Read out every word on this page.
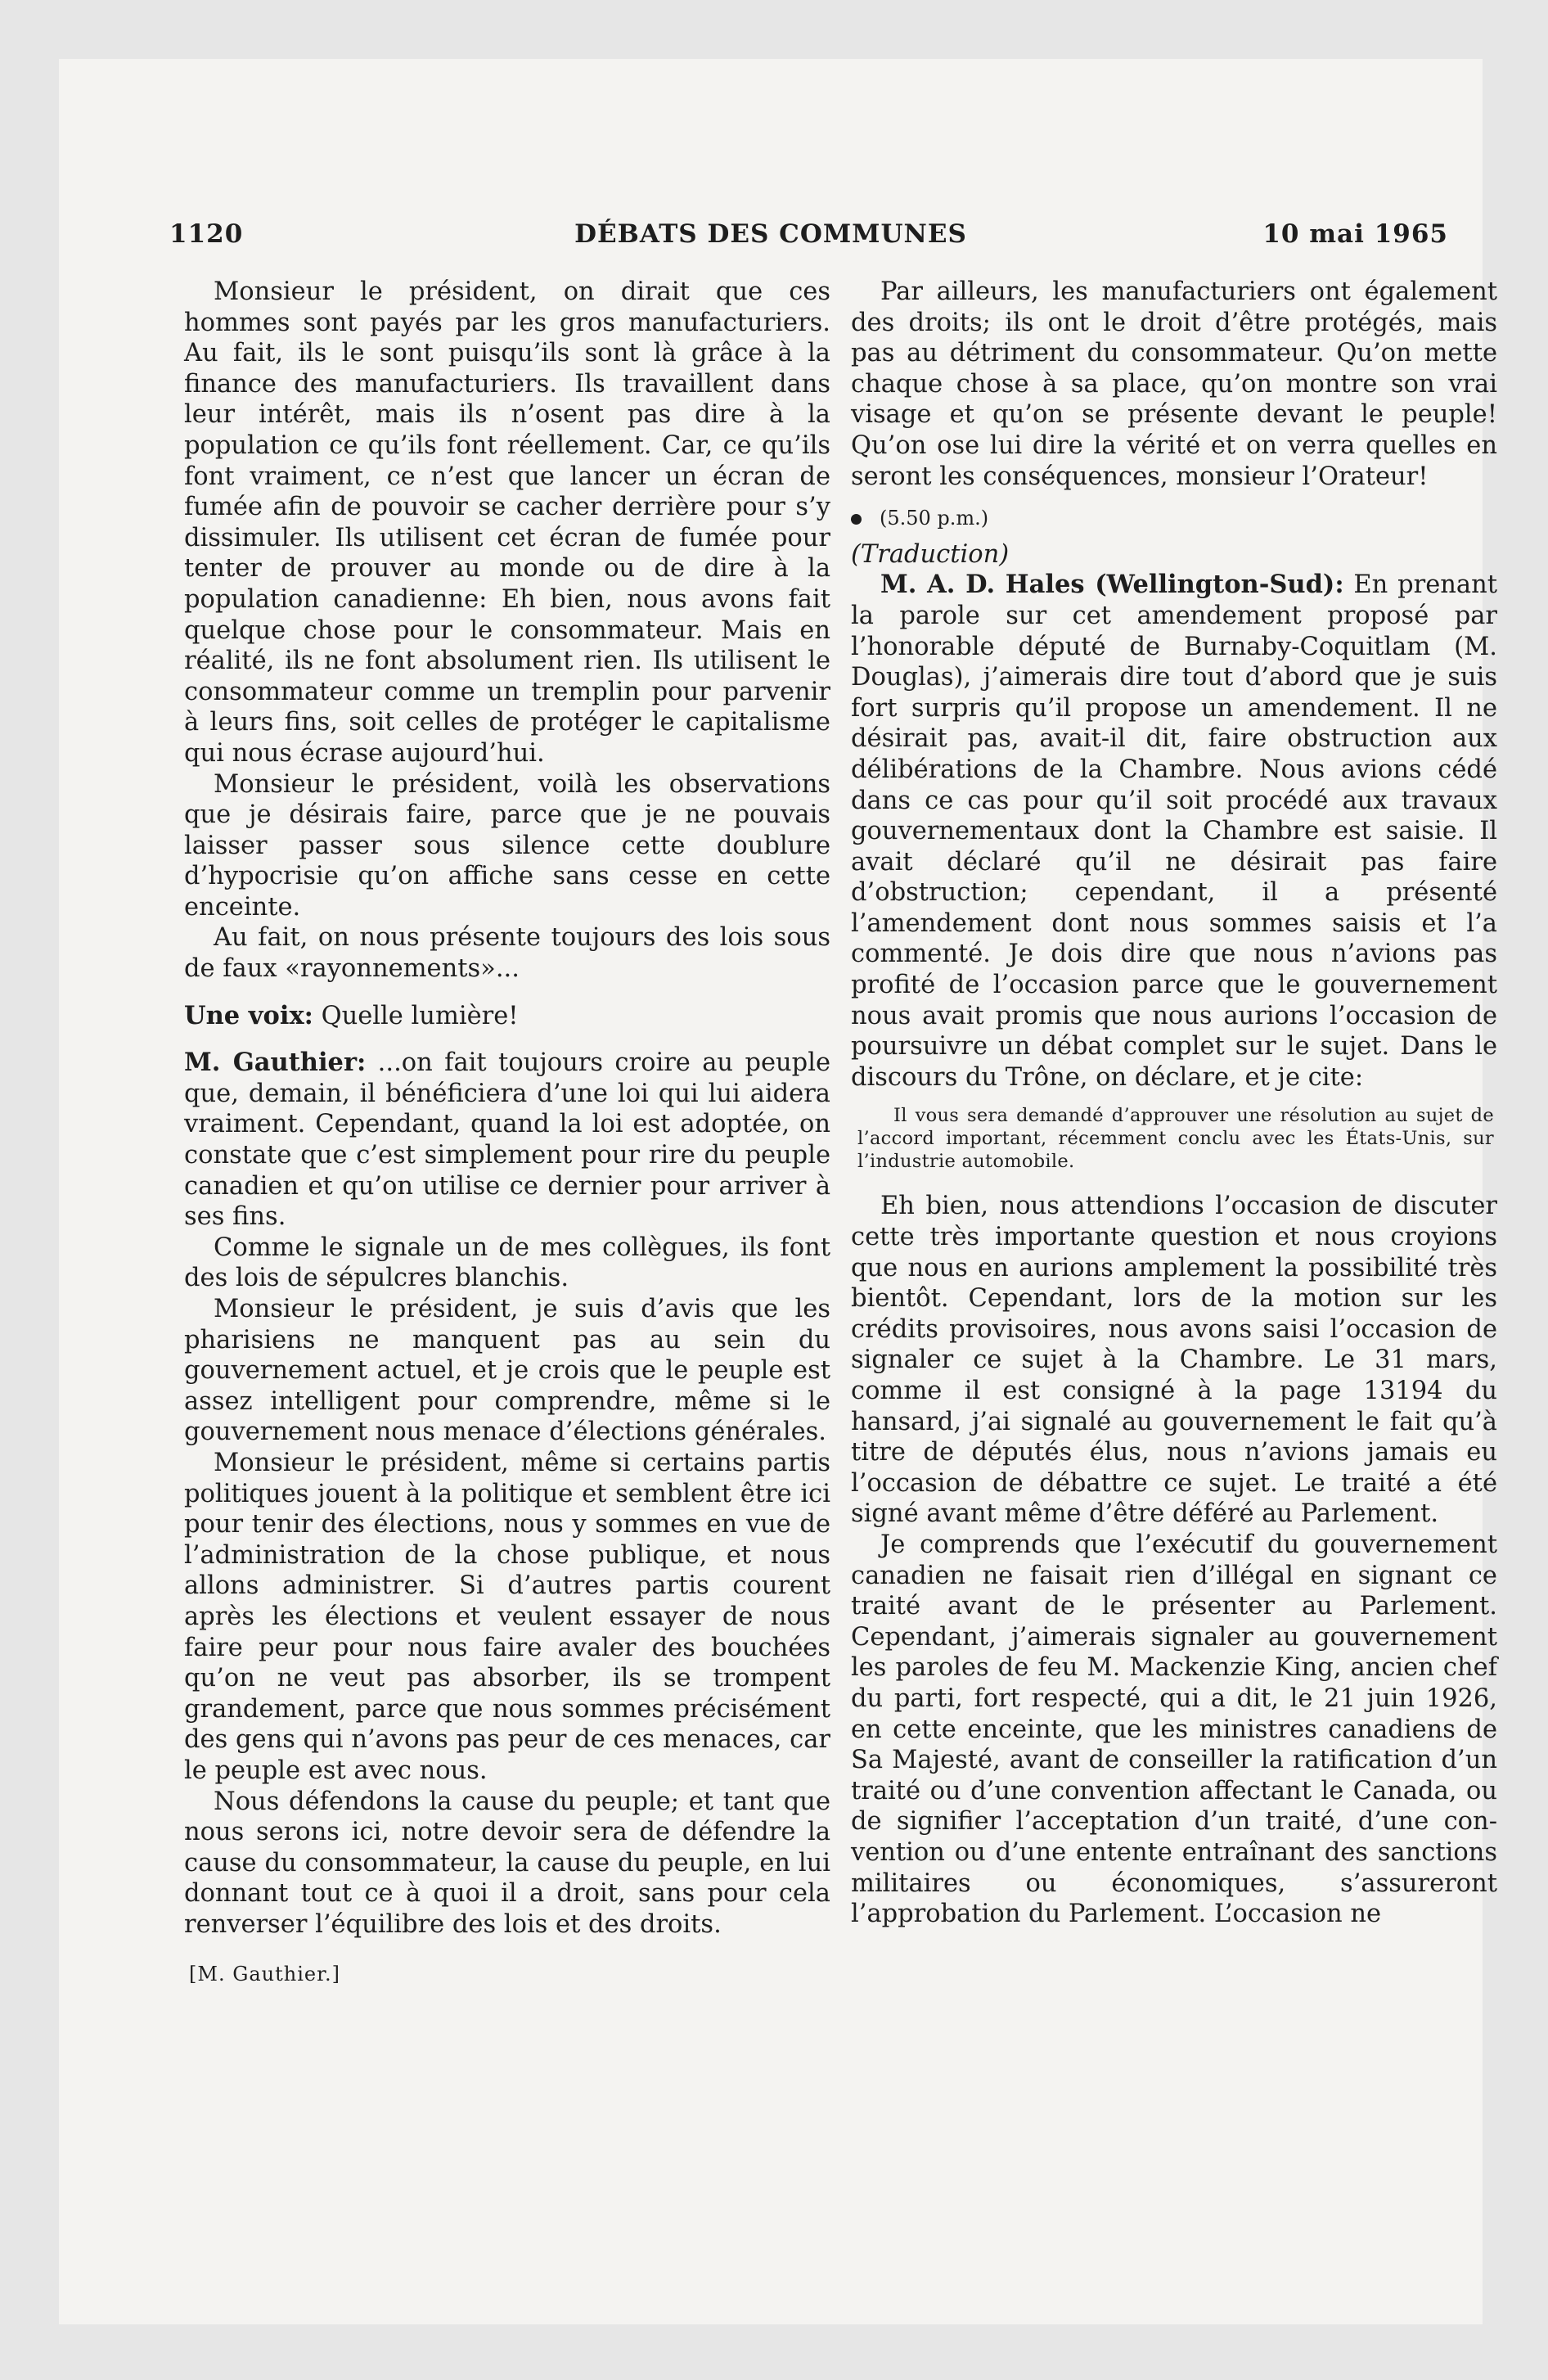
1120	DÉBATS DES COMMUNES	10 mai 1965

Monsieur le président, on dirait que ces hommes sont payés par les gros manufacturiers. Au fait, ils le sont puisqu’ils sont là grâce à la finance des manufacturiers. Ils travaillent dans leur intérêt, mais ils n’osent pas dire à la population ce qu’ils font réellement. Car, ce qu’ils font vraiment, ce n’est que lancer un écran de fumée afin de pouvoir se cacher derrière pour s’y dissimuler. Ils utilisent cet écran de fumée pour tenter de prouver au monde ou de dire à la population canadienne: Eh bien, nous avons fait quelque chose pour le consommateur. Mais en réalité, ils ne font absolument rien. Ils utilisent le consommateur comme un tremplin pour parvenir à leurs fins, soit celles de protéger le capitalisme qui nous écrase aujourd’hui.

Monsieur le président, voilà les observations que je désirais faire, parce que je ne pouvais laisser passer sous silence cette doublure d’hypocrisie qu’on affiche sans cesse en cette enceinte.

Au fait, on nous présente toujours des lois sous de faux «rayonnements»...

Une voix: Quelle lumière!

M. Gauthier: ...on fait toujours croire au peuple que, demain, il bénéficiera d’une loi qui lui aidera vraiment. Cependant, quand la loi est adoptée, on constate que c’est simplement pour rire du peuple canadien et qu’on utilise ce dernier pour arriver à ses fins.

Comme le signale un de mes collègues, ils font des lois de sépulcres blanchis.

Monsieur le président, je suis d’avis que les pharisiens ne manquent pas au sein du gouvernement actuel, et je crois que le peuple est assez intelligent pour comprendre, même si le gouvernement nous menace d’élections générales.

Monsieur le président, même si certains partis politiques jouent à la politique et semblent être ici pour tenir des élections, nous y sommes en vue de l’administration de la chose publique, et nous allons administrer. Si d’autres partis courent après les élections et veulent essayer de nous faire peur pour nous faire avaler des bouchées qu’on ne veut pas absorber, ils se trompent grandement, parce que nous sommes précisément des gens qui n’avons pas peur de ces menaces, car le peuple est avec nous.

Nous défendons la cause du peuple; et tant que nous serons ici, notre devoir sera de défendre la cause du consommateur, la cause du peuple, en lui donnant tout ce à quoi il a droit, sans pour cela renverser l’équilibre des lois et des droits.

[M. Gauthier.]

Par ailleurs, les manufacturiers ont également des droits; ils ont le droit d’être protégés, mais pas au détriment du consommateur. Qu’on mette chaque chose à sa place, qu’on montre son vrai visage et qu’on se présente devant le peuple! Qu’on ose lui dire la vérité et on verra quelles en seront les conséquences, monsieur l’Orateur!

(5.50 p.m.)
(Traduction)

M. A. D. Hales (Wellington-Sud): En prenant la parole sur cet amendement proposé par l’honorable député de Burnaby-Coquitlam (M. Douglas), j’aimerais dire tout d’abord que je suis fort surpris qu’il propose un amendement. Il ne désirait pas, avait-il dit, faire obstruction aux délibérations de la Chambre. Nous avions cédé dans ce cas pour qu’il soit procédé aux travaux gouvernementaux dont la Chambre est saisie. Il avait déclaré qu’il ne désirait pas faire d’obstruction; cependant, il a présenté l’amendement dont nous sommes saisis et l’a commenté. Je dois dire que nous n’avions pas profité de l’occasion parce que le gouvernement nous avait promis que nous aurions l’occasion de poursuivre un débat complet sur le sujet. Dans le discours du Trône, on déclare, et je cite:

Il vous sera demandé d’approuver une résolution au sujet de l’accord important, récemment conclu avec les États-Unis, sur l’industrie automobile.

Eh bien, nous attendions l’occasion de discuter cette très importante question et nous croyions que nous en aurions amplement la possibilité très bientôt. Cependant, lors de la motion sur les crédits provisoires, nous avons saisi l’occasion de signaler ce sujet à la Chambre. Le 31 mars, comme il est consigné à la page 13194 du hansard, j’ai signalé au gouvernement le fait qu’à titre de députés élus, nous n’avions jamais eu l’occasion de débattre ce sujet. Le traité a été signé avant même d’être déféré au Parlement.

Je comprends que l’exécutif du gouvernement canadien ne faisait rien d’illégal en signant ce traité avant de le présenter au Parlement. Cependant, j’aimerais signaler au gouvernement les paroles de feu M. Mackenzie King, ancien chef du parti, fort respecté, qui a dit, le 21 juin 1926, en cette enceinte, que les ministres canadiens de Sa Majesté, avant de conseiller la ratification d’un traité ou d’une convention affectant le Canada, ou de signifier l’acceptation d’un traité, d’une convention ou d’une entente entraînant des sanctions militaires ou économiques, s’assureront l’approbation du Parlement. L’occasion ne
